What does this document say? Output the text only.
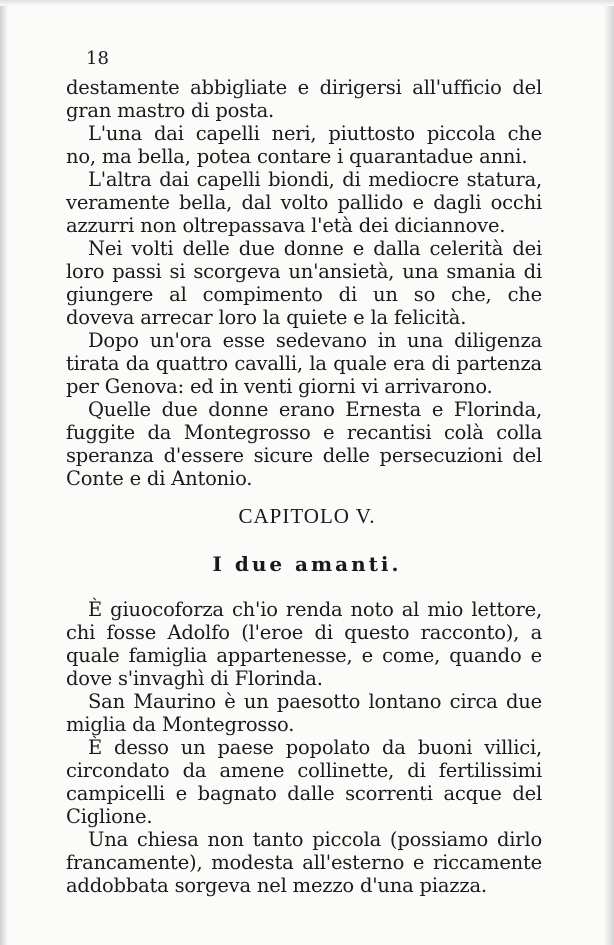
18

destamente abbigliate e dirigersi all'ufficio del gran mastro di posta.

L'una dai capelli neri, piuttosto piccola che no, ma bella, potea contare i quarantadue anni.

L'altra dai capelli biondi, di mediocre statura, veramente bella, dal volto pallido e dagli occhi azzurri non oltrepassava l'età dei diciannove.

Nei volti delle due donne e dalla celerità dei loro passi si scorgeva un'ansietà, una smania di giungere al compimento di un so che, che doveva arrecar loro la quiete e la felicità.

Dopo un'ora esse sedevano in una diligenza tirata da quattro cavalli, la quale era di partenza per Genova: ed in venti giorni vi arrivarono.

Quelle due donne erano Ernesta e Florinda, fuggite da Montegrosso e recantisi colà colla speranza d'essere sicure delle persecuzioni del Conte e di Antonio.

CAPITOLO V.
I due amanti.

È giuocoforza ch'io renda noto al mio lettore, chi fosse Adolfo (l'eroe di questo racconto), a quale famiglia appartenesse, e come, quando e dove s'invaghì di Florinda.

San Maurino è un paesotto lontano circa due miglia da Montegrosso.

È desso un paese popolato da buoni villici, circondato da amene collinette, di fertilissimi campicelli e bagnato dalle scorrenti acque del Ciglione.

Una chiesa non tanto piccola (possiamo dirlo francamente), modesta all'esterno e riccamente addobbata sorgeva nel mezzo d'una piazza.
